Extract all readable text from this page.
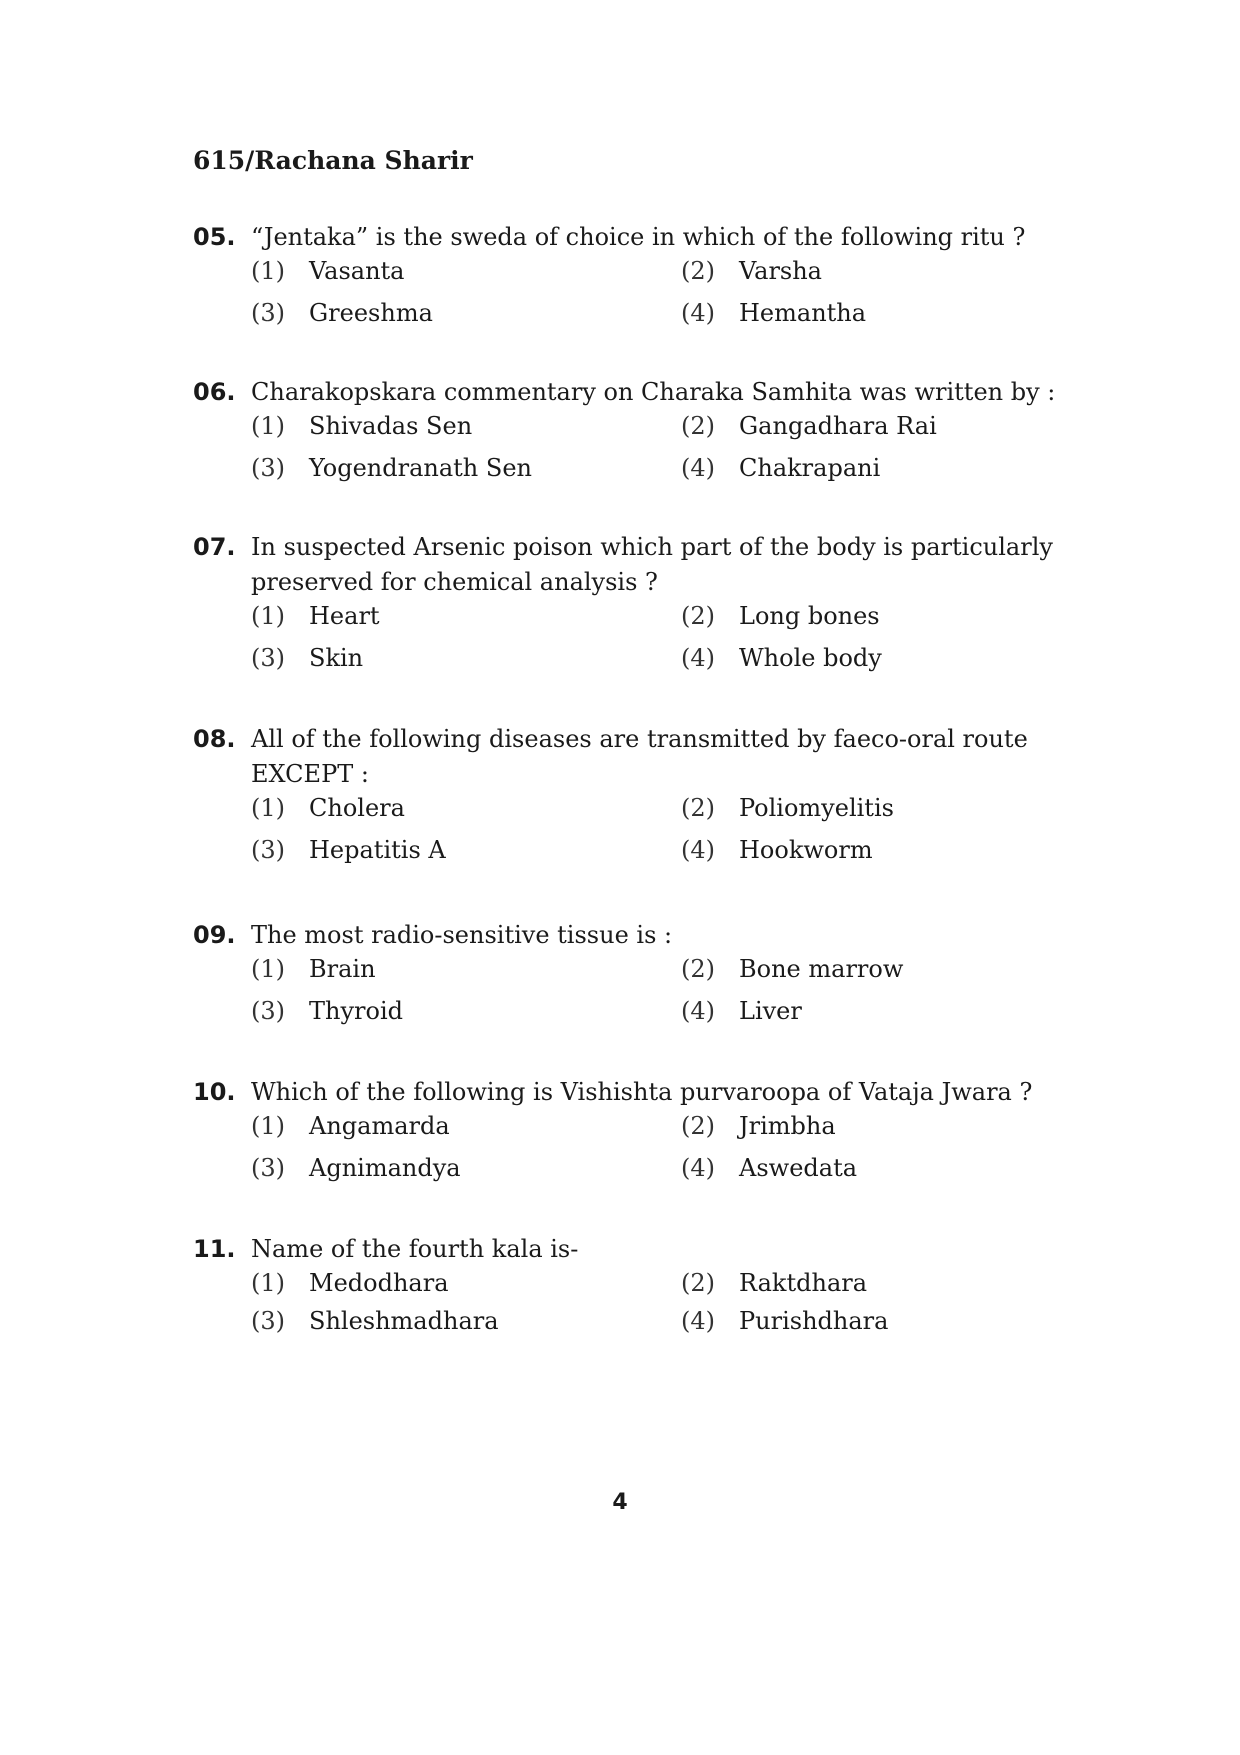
615/Rachana Sharir
05. “Jentaka” is the sweda of choice in which of the following ritu ?
(1)	Vasanta	(2)	Varsha
(3)	Greeshma	(4)	Hemantha
06. Charakopskara commentary on Charaka Samhita was written by :
(1)	Shivadas Sen	(2)	Gangadhara Rai
(3)	Yogendranath Sen	(4)	Chakrapani
07. In suspected Arsenic poison which part of the body is particularly preserved for chemical analysis ?
(1)	Heart	(2)	Long bones
(3)	Skin	(4)	Whole body
08. All of the following diseases are transmitted by faeco-oral route EXCEPT :
(1)	Cholera	(2)	Poliomyelitis
(3)	Hepatitis A	(4)	Hookworm
09. The most radio-sensitive tissue is :
(1)	Brain	(2)	Bone marrow
(3)	Thyroid	(4)	Liver
10. Which of the following is Vishishta purvaroopa of Vataja Jwara ?
(1)	Angamarda	(2)	Jrimbha
(3)	Agnimandya	(4)	Aswedata
11. Name of the fourth kala is-
(1)	Medodhara	(2)	Raktdhara
(3)	Shleshmadhara	(4)	Purishdhara
4
